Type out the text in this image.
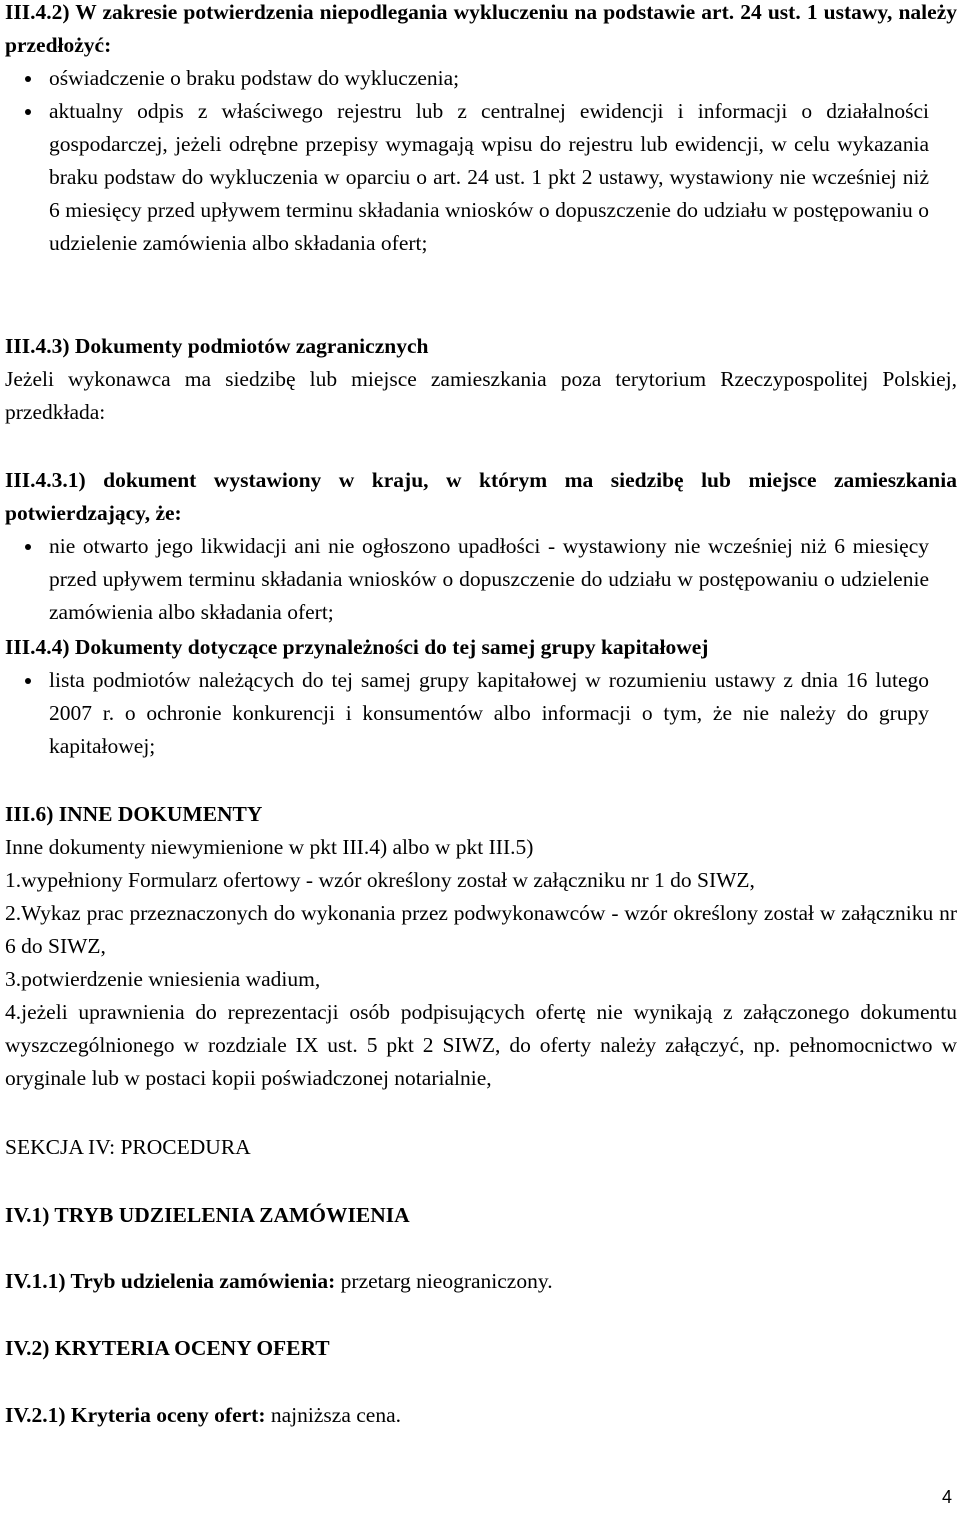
III.4.2) W zakresie potwierdzenia niepodlegania wykluczeniu na podstawie art. 24 ust. 1 ustawy, należy przedłożyć:

oświadczenie o braku podstaw do wykluczenia;
aktualny odpis z właściwego rejestru lub z centralnej ewidencji i informacji o działalności gospodarczej, jeżeli odrębne przepisy wymagają wpisu do rejestru lub ewidencji, w celu wykazania braku podstaw do wykluczenia w oparciu o art. 24 ust. 1 pkt 2 ustawy, wystawiony nie wcześniej niż 6 miesięcy przed upływem terminu składania wniosków o dopuszczenie do udziału w postępowaniu o udzielenie zamówienia albo składania ofert;

III.4.3) Dokumenty podmiotów zagranicznych

Jeżeli wykonawca ma siedzibę lub miejsce zamieszkania poza terytorium Rzeczypospolitej Polskiej, przedkłada:

III.4.3.1) dokument wystawiony w kraju, w którym ma siedzibę lub miejsce zamieszkania potwierdzający, że:

nie otwarto jego likwidacji ani nie ogłoszono upadłości - wystawiony nie wcześniej niż 6 miesięcy przed upływem terminu składania wniosków o dopuszczenie do udziału w postępowaniu o udzielenie zamówienia albo składania ofert;

III.4.4) Dokumenty dotyczące przynależności do tej samej grupy kapitałowej

lista podmiotów należących do tej samej grupy kapitałowej w rozumieniu ustawy z dnia 16 lutego 2007 r. o ochronie konkurencji i konsumentów albo informacji o tym, że nie należy do grupy kapitałowej;

III.6) INNE DOKUMENTY

Inne dokumenty niewymienione w pkt III.4) albo w pkt III.5)

1.wypełniony Formularz ofertowy - wzór określony został w załączniku nr 1 do SIWZ,

2.Wykaz prac przeznaczonych do wykonania przez podwykonawców - wzór określony został w załączniku nr 6 do SIWZ,

3.potwierdzenie wniesienia wadium,

4.jeżeli uprawnienia do reprezentacji osób podpisujących ofertę nie wynikają z załączonego dokumentu wyszczególnionego w rozdziale IX ust. 5 pkt 2 SIWZ, do oferty należy załączyć, np. pełnomocnictwo w oryginale lub w postaci kopii poświadczonej notarialnie,

SEKCJA IV: PROCEDURA

IV.1) TRYB UDZIELENIA ZAMÓWIENIA

IV.1.1) Tryb udzielenia zamówienia: przetarg nieograniczony.

IV.2) KRYTERIA OCENY OFERT

IV.2.1) Kryteria oceny ofert: najniższa cena.

4
